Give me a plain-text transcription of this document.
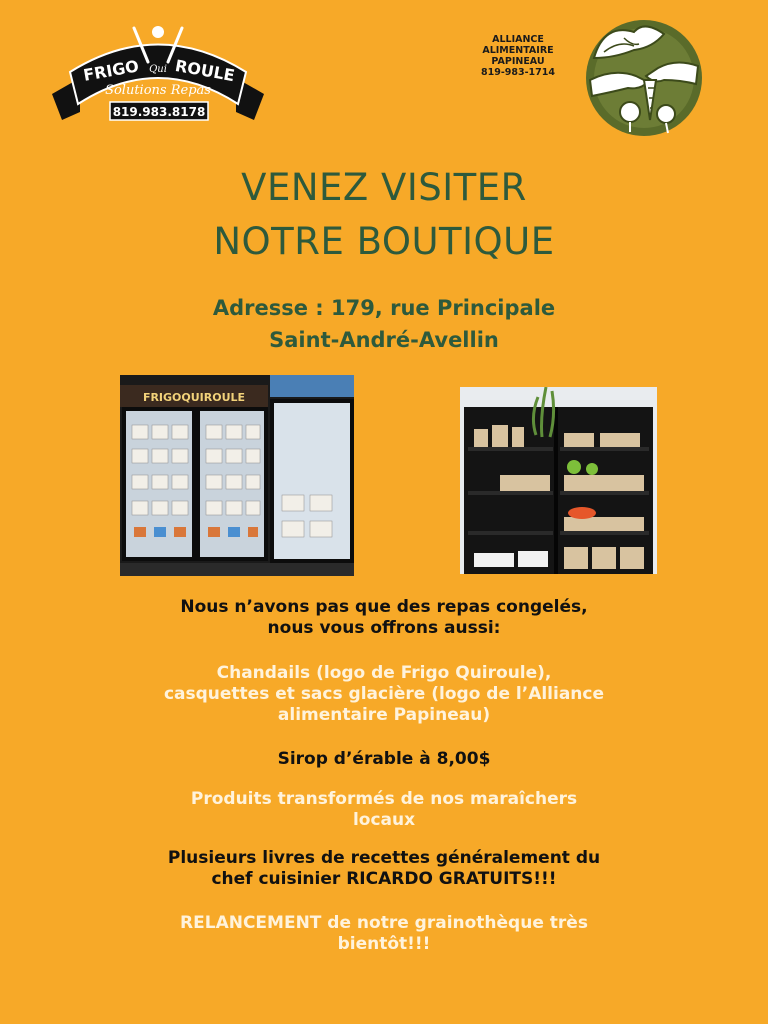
FRIGO Qui ROULE
Solutions Repas
819.983.8178
ALLIANCE
ALIMENTAIRE
PAPINEAU
819-983-1714
VENEZ VISITER
NOTRE BOUTIQUE
Adresse : 179, rue Principale
Saint-André-Avellin
FRIGOQUIROULE
Nous n’avons pas que des repas congelés,
nous vous offrons aussi:
Chandails (logo de Frigo Quiroule),
casquettes et sacs glacière (logo de l’Alliance
alimentaire Papineau)
Sirop d’érable à 8,00$
Produits transformés de nos maraîchers
locaux
Plusieurs livres de recettes généralement du
chef cuisinier RICARDO GRATUITS!!!
RELANCEMENT de notre grainothèque très
bientôt!!!
